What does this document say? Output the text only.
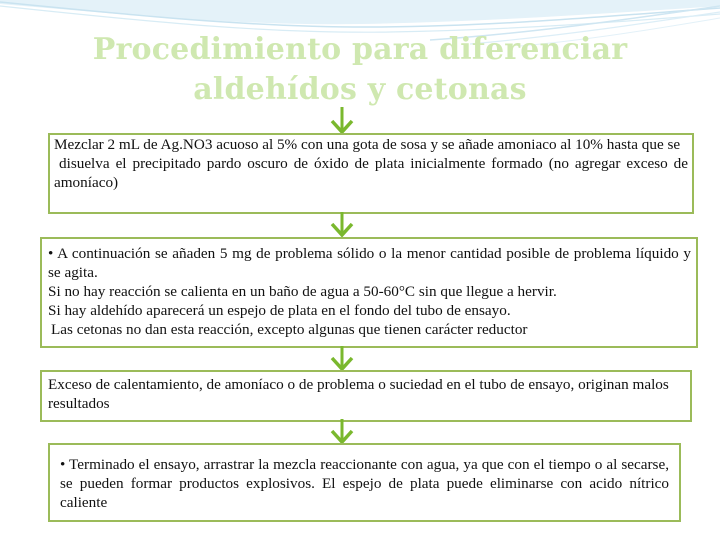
Procedimiento para diferenciar
aldehídos y cetonas

Mezclar 2 mL de Ag.NO3 acuoso al 5% con una gota de sosa y se añade amoniaco al 10% hasta que se

disuelva el precipitado pardo oscuro de óxido de plata inicialmente formado (no agregar exceso de amoníaco)

• A continuación se añaden 5 mg de problema sólido o la menor cantidad posible de problema líquido y se agita.

Si no hay reacción se calienta en un baño de agua a 50-60°C sin que llegue a hervir.

Si hay aldehído aparecerá un espejo de plata en el fondo del tubo de ensayo.

Las cetonas no dan esta reacción, excepto algunas que tienen carácter reductor

Exceso de calentamiento, de amoníaco o de problema o suciedad en el tubo de ensayo, originan malos resultados

• Terminado el ensayo, arrastrar la mezcla reaccionante con agua, ya que con el tiempo o al secarse, se pueden formar productos explosivos. El espejo de plata puede eliminarse con acido nítrico caliente
